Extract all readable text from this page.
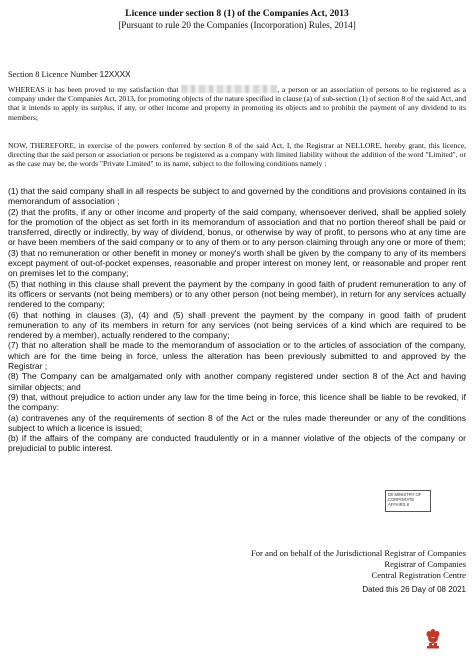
Licence under section 8 (1) of the Companies Act, 2013
[Pursuant to rule 20 the Companies (Incorporation) Rules, 2014]
Section 8 Licence Number 12XXXX
WHEREAS it has been proved to my satisfaction that	, a person or an association of persons to be registered as a company under the Companies Act, 2013, for promoting objects of the nature specified in clause (a) of sub-section (1) of section 8 of the said Act, and that it intends to apply its surplus, if any, or other income and property in promoting its objects and to prohibit the payment of any dividend to its members;
NOW, THEREFORE, in exercise of the powers conferred by section 8 of the said Act, I, the Registrar at NELLORE, hereby grant, this licence, directing that the said person or association or persons be registered as a company with limited liability without the addition of the word "Limited", or as the case may be, the words "Private Limited" to its name, subject to the following conditions namely :

(1) that the said company shall in all respects be subject to and governed by the conditions and provisions contained in its memorandum of association ;

(2) that the profits, if any or other income and property of the said company, whensoever derived, shall be applied solely for the promotion of the object as set forth in its memorandum of association and that no portion thereof shall be paid or transferred, directly or indirectly, by way of dividend, bonus, or otherwise by way of profit, to persons who at any time are or have been members of the said company or to any of them or to any person claiming through any one or more of them;

(3) that no remuneration or other benefit in money or money's worth shall be given by the company to any of its members except payment of out-of-pocket expenses, reasonable and proper interest on money lent, or reasonable and proper rent on premises let to the company;

(5) that nothing in this clause shall prevent the payment by the company in good faith of prudent remuneration to any of its officers or servants (not being members) or to any other person (not being member), in return for any services actually rendered to the company;

(6) that nothing in clauses (3), (4) and (5) shall prevent the payment by the company in good faith of prudent remuneration to any of its members in return for any services (not being services of a kind which are required to be rendered by a member), actually rendered to the company;

(7) that no alteration shall be made to the memorandum of association or to the articles of association of the company, which are for the time being in force, unless the alteration has been previously submitted to and approved by the Registrar ;

(8) The Company can be amalgamated only with another company registered under section 8 of the Act and having similar objects; and

(9) that, without prejudice to action under any law for the time being in force, this licence shall be liable to be revoked, if the company:

(a) contravenes any of the requirements of section 8 of the Act or the rules made thereunder or any of the conditions subject to which a licence is issued;

(b) if the affairs of the company are conducted fraudulently or in a manner violative of the objects of the company or prejudicial to public interest.

DII MINISTRY OF
CORPORATE
AFFAIRS 8
For and on behalf of the Jurisdictional Registrar of Companies
Registrar of Companies
Central Registration Centre
Dated this 26 Day of 08 2021
